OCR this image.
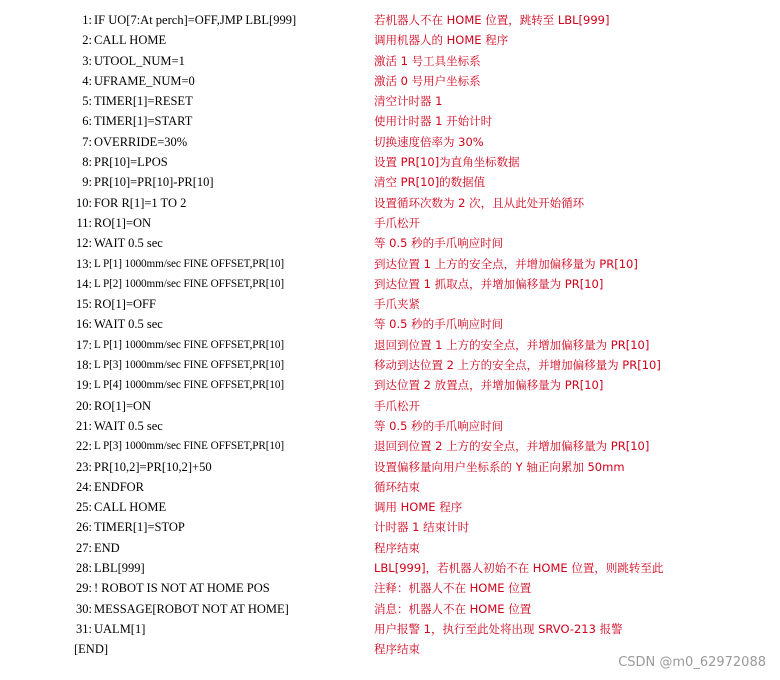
1: IF UO[7:At perch]=OFF,JMP LBL[999]	若机器人不在 HOME 位置，跳转至 LBL[999]
2: CALL HOME	调用机器人的 HOME 程序
3: UTOOL_NUM=1	激活 1 号工具坐标系
4: UFRAME_NUM=0	激活 0 号用户坐标系
5: TIMER[1]=RESET	清空计时器 1
6: TIMER[1]=START	使用计时器 1 开始计时
7: OVERRIDE=30%	切换速度倍率为 30%
8: PR[10]=LPOS	设置 PR[10]为直角坐标数据
9: PR[10]=PR[10]-PR[10]	清空 PR[10]的数据值
10: FOR R[1]=1 TO 2	设置循环次数为 2 次，且从此处开始循环
11: RO[1]=ON	手爪松开
12: WAIT 0.5 sec	等 0.5 秒的手爪响应时间
13: L P[1] 1000mm/sec FINE OFFSET,PR[10]	到达位置 1 上方的安全点，并增加偏移量为 PR[10]
14: L P[2] 1000mm/sec FINE OFFSET,PR[10]	到达位置 1 抓取点，并增加偏移量为 PR[10]
15: RO[1]=OFF	手爪夹紧
16: WAIT 0.5 sec	等 0.5 秒的手爪响应时间
17: L P[1] 1000mm/sec FINE OFFSET,PR[10]	退回到位置 1 上方的安全点，并增加偏移量为 PR[10]
18: L P[3] 1000mm/sec FINE OFFSET,PR[10]	移动到达位置 2 上方的安全点，并增加偏移量为 PR[10]
19: L P[4] 1000mm/sec FINE OFFSET,PR[10]	到达位置 2 放置点，并增加偏移量为 PR[10]
20: RO[1]=ON	手爪松开
21: WAIT 0.5 sec	等 0.5 秒的手爪响应时间
22: L P[3] 1000mm/sec FINE OFFSET,PR[10]	退回到位置 2 上方的安全点，并增加偏移量为 PR[10]
23: PR[10,2]=PR[10,2]+50	设置偏移量向用户坐标系的 Y 轴正向累加 50mm
24: ENDFOR	循环结束
25: CALL HOME	调用 HOME 程序
26: TIMER[1]=STOP	计时器 1 结束计时
27: END	程序结束
28: LBL[999]	LBL[999]，若机器人初始不在 HOME 位置，则跳转至此
29: ! ROBOT IS NOT AT HOME POS	注释：机器人不在 HOME 位置
30: MESSAGE[ROBOT NOT AT HOME]	消息：机器人不在 HOME 位置
31: UALM[1]	用户报警 1，执行至此处将出现 SRVO-213 报警
[END]	程序结束
CSDN @m0_62972088
